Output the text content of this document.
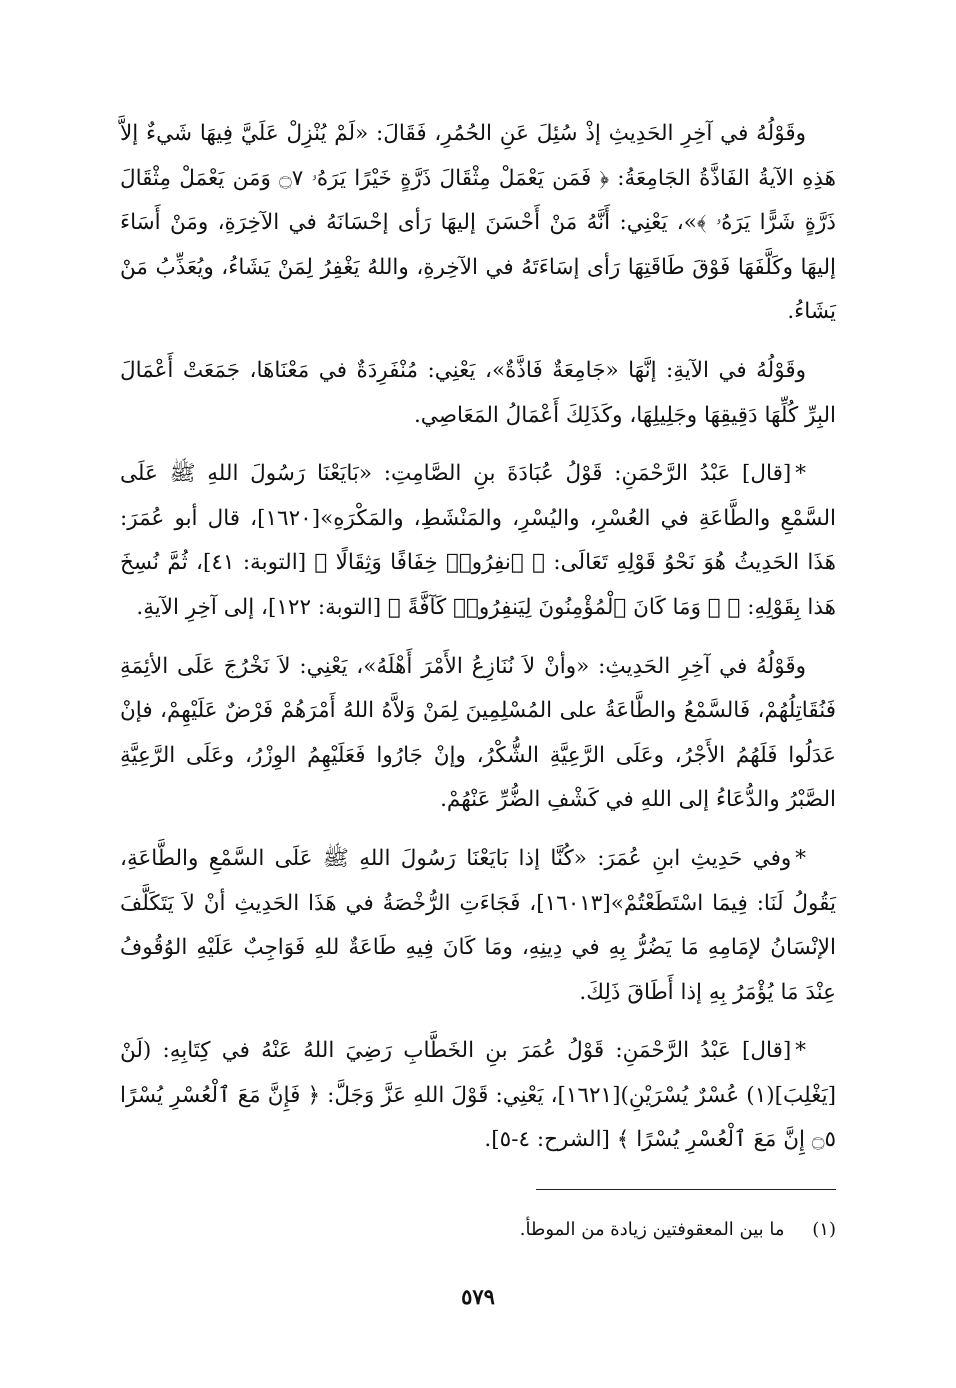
وقَوْلُهُ في آخِرِ الحَدِيثِ إذْ سُئِلَ عَنِ الحُمُرِ، فَقَالَ: «لَمْ يُنْزِلْ عَلَيَّ فِيهَا شَيءٌ إلاَّ هَذِهِ الآيةُ الفَاذَّةُ الجَامِعَةُ: ﴿ فَمَن يَعْمَلْ مِثْقَالَ ذَرَّةٍ خَيْرًا يَرَهُۥ ۝٧ وَمَن يَعْمَلْ مِثْقَالَ ذَرَّةٍ شَرًّا يَرَهُۥ ﴾»، يَعْنِي: أَنَّهُ مَنْ أَحْسَنَ إليهَا رَأى إحْسَانَهُ في الآخِرَةِ، ومَنْ أَسَاءَ إليهَا وكَلَّفَهَا فَوْقَ طَاقَتِهَا رَأى إسَاءَتَهُ في الآخِرةِ، واللهُ يَغْفِرُ لِمَنْ يَشَاءُ، ويُعَذِّبُ مَنْ يَشَاءُ.

وقَوْلُهُ في الآيةِ: إنَّهَا «جَامِعَةٌ فَاذَّةٌ»، يَعْنِي: مُنْفَرِدَةٌ في مَعْنَاهَا، جَمَعَتْ أَعْمَالَ البِرِّ كُلِّهَا دَقِيقِهَا وجَلِيلِهَا، وكَذَلِكَ أَعْمَالُ المَعَاصِي.

*[قال] عَبْدُ الرَّحْمَنِ: قَوْلُ عُبَادَةَ بنِ الصَّامِتِ: «بَايَعْنَا رَسُولَ اللهِ ﷺ عَلَى السَّمْعِ والطَّاعَةِ في العُسْرِ، واليُسْرِ، والمَنْشَطِ، والمَكْرَهِ»[١٦٢٠]، قال أبو عُمَرَ: هَذَا الحَدِيثُ هُوَ نَحْوُ قَوْلِهِ تَعَالَى: ﴿ ٱنفِرُوا۟ خِفَافًا وَثِقَالًا ﴾ [التوبة: ٤١]، ثُمَّ نُسِخَ هَذا بِقَوْلِهِ: ﴿ ۞ وَمَا كَانَ ٱلْمُؤْمِنُونَ لِيَنفِرُوا۟ كَآفَّةً ﴾ [التوبة: ١٢٢]، إلى آخِرِ الآيةِ.

وقَوْلُهُ في آخِرِ الحَدِيثِ: «وأنْ لاَ نُنَازِعُ الأَمْرَ أَهْلَهُ»، يَعْنِي: لاَ نَخْرُجَ عَلَى الأئِمَةِ فَنُقَاتِلُهُمْ، فَالسَّمْعُ والطَّاعَةُ على المُسْلِمِينَ لِمَنْ وَلاَّهُ اللهُ أَمْرَهُمْ فَرْضٌ عَلَيْهِمْ، فإنْ عَدَلُوا فَلَهُمُ الأَجْرُ، وعَلَى الرَّعِيَّةِ الشُّكْرُ، وإنْ جَارُوا فَعَلَيْهِمُ الوِزْرُ، وعَلَى الرَّعِيَّةِ الصَّبْرُ والدُّعَاءُ إلى اللهِ في كَشْفِ الضُّرِّ عَنْهُمْ.

*وفي حَدِيثِ ابنِ عُمَرَ: «كُنَّا إذا بَايَعْنَا رَسُولَ اللهِ ﷺ عَلَى السَّمْعِ والطَّاعَةِ، يَقُولُ لَنَا: فِيمَا اسْتَطَعْتُمْ»[١٦٠١٣]، فَجَاءَتِ الرُّخْصَةُ في هَذَا الحَدِيثِ أنْ لاَ يَتَكَلَّفَ الإنْسَانُ لإمَامِهِ مَا يَضُرُّ بِهِ في دِينِهِ، ومَا كَانَ فِيهِ طَاعَةٌ للهِ فَوَاجِبٌ عَلَيْهِ الوُقُوفُ عِنْدَ مَا يُؤْمَرُ بِهِ إذا أَطَاقَ ذَلِكَ.

*[قال] عَبْدُ الرَّحْمَنِ: قَوْلُ عُمَرَ بنِ الخَطَّابِ رَضِيَ اللهُ عَنْهُ في كِتَابِهِ: (لَنْ [يَغْلِبَ](١) عُسْرٌ يُسْرَيْنِ)[١٦٢١]، يَعْنِي: قَوْلَ اللهِ عَزَّ وَجَلَّ: ﴿ فَإِنَّ مَعَ ٱلْعُسْرِ يُسْرًا ۝٥ إِنَّ مَعَ ٱلْعُسْرِ يُسْرًا ﴾ [الشرح: ٤-٥].

(١) ما بين المعقوفتين زيادة من الموطأ.
٥٧٩
